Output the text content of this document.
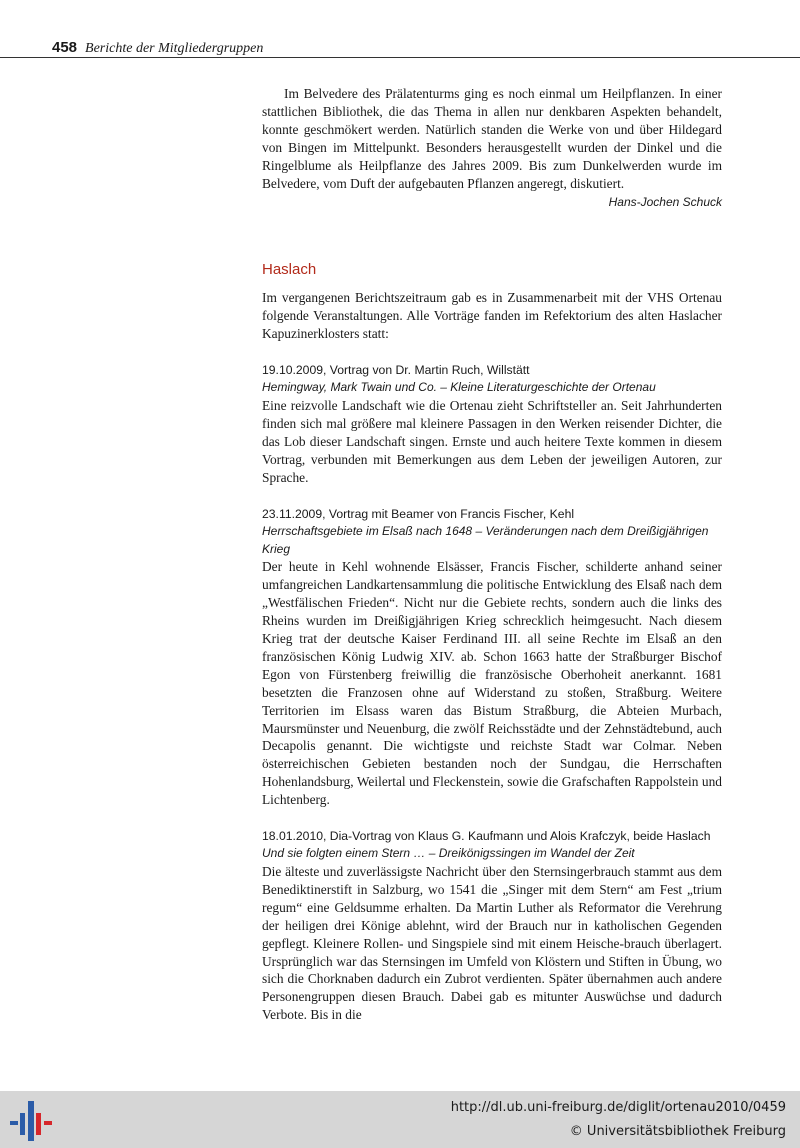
458 Berichte der Mitgliedergruppen

Im Belvedere des Prälatenturms ging es noch einmal um Heilpflanzen. In einer stattlichen Bibliothek, die das Thema in allen nur denkbaren Aspekten behandelt, konnte geschmökert werden. Natürlich standen die Werke von und über Hildegard von Bingen im Mittelpunkt. Besonders herausgestellt wurden der Dinkel und die Ringelblume als Heilpflanze des Jahres 2009. Bis zum Dunkelwerden wurde im Belvedere, vom Duft der aufgebauten Pflanzen angeregt, diskutiert.

Hans-Jochen Schuck
Haslach

Im vergangenen Berichtszeitraum gab es in Zusammenarbeit mit der VHS Ortenau folgende Veranstaltungen. Alle Vorträge fanden im Refektorium des alten Haslacher Kapuzinerklosters statt:

19.10.2009, Vortrag von Dr. Martin Ruch, Willstätt
Hemingway, Mark Twain und Co. – Kleine Literaturgeschichte der Ortenau

Eine reizvolle Landschaft wie die Ortenau zieht Schriftsteller an. Seit Jahrhunderten finden sich mal größere mal kleinere Passagen in den Werken reisender Dichter, die das Lob dieser Landschaft singen. Ernste und auch heitere Texte kommen in diesem Vortrag, verbunden mit Bemerkungen aus dem Leben der jeweiligen Autoren, zur Sprache.

23.11.2009, Vortrag mit Beamer von Francis Fischer, Kehl
Herrschaftsgebiete im Elsaß nach 1648 – Veränderungen nach dem Dreißigjährigen Krieg

Der heute in Kehl wohnende Elsässer, Francis Fischer, schilderte anhand seiner umfangreichen Landkartensammlung die politische Entwicklung des Elsaß nach dem „Westfälischen Frieden“. Nicht nur die Gebiete rechts, sondern auch die links des Rheins wurden im Dreißigjährigen Krieg schrecklich heimgesucht. Nach diesem Krieg trat der deutsche Kaiser Ferdinand III. all seine Rechte im Elsaß an den französischen König Ludwig XIV. ab. Schon 1663 hatte der Straßburger Bischof Egon von Fürstenberg freiwillig die französische Oberhoheit anerkannt. 1681 besetzten die Franzosen ohne auf Widerstand zu stoßen, Straßburg. Weitere Territorien im Elsass waren das Bistum Straßburg, die Abteien Murbach, Maursmünster und Neuenburg, die zwölf Reichsstädte und der Zehnstädtebund, auch Decapolis genannt. Die wichtigste und reichste Stadt war Colmar. Neben österreichischen Gebieten bestanden noch der Sundgau, die Herrschaften Hohenlandsburg, Weilertal und Fleckenstein, sowie die Grafschaften Rappolstein und Lichtenberg.

18.01.2010, Dia-Vortrag von Klaus G. Kaufmann und Alois Krafczyk, beide Haslach
Und sie folgten einem Stern … – Dreikönigssingen im Wandel der Zeit

Die älteste und zuverlässigste Nachricht über den Sternsingerbrauch stammt aus dem Benediktinerstift in Salzburg, wo 1541 die „Singer mit dem Stern“ am Fest „trium regum“ eine Geldsumme erhalten. Da Martin Luther als Reformator die Verehrung der heiligen drei Könige ablehnt, wird der Brauch nur in katholischen Gegenden gepflegt. Kleinere Rollen- und Singspiele sind mit einem Heische-brauch überlagert. Ursprünglich war das Sternsingen im Umfeld von Klöstern und Stiften in Übung, wo sich die Chorknaben dadurch ein Zubrot verdienten. Später übernahmen auch andere Personengruppen diesen Brauch. Dabei gab es mitunter Auswüchse und dadurch Verbote. Bis in die

http://dl.ub.uni-freiburg.de/diglit/ortenau2010/0459
© Universitätsbibliothek Freiburg
